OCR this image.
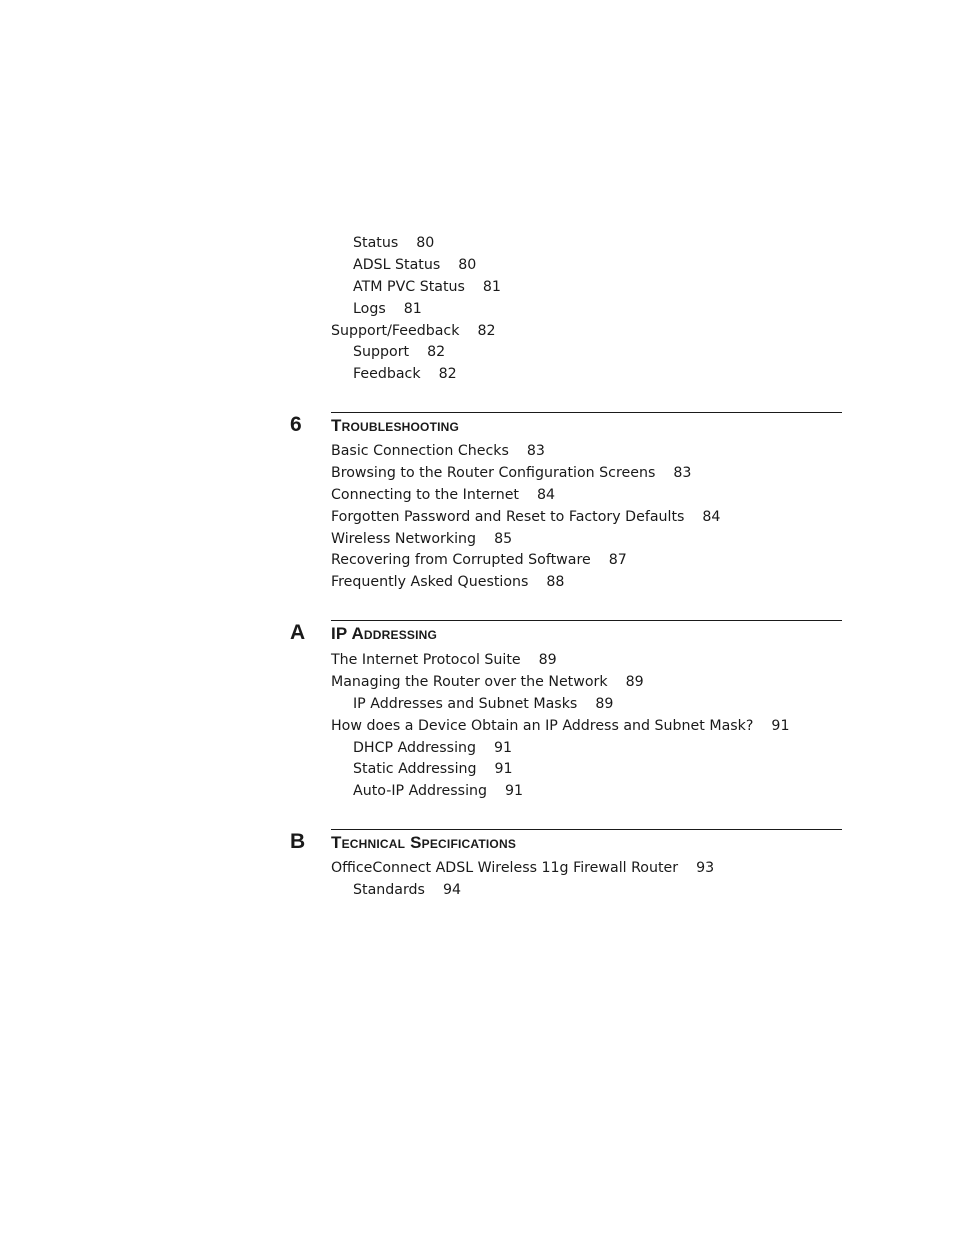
Status 80
ADSL Status 80
ATM PVC Status 81
Logs 81
Support/Feedback 82
Support 82
Feedback 82
6	Troubleshooting
Basic Connection Checks 83
Browsing to the Router Configuration Screens 83
Connecting to the Internet 84
Forgotten Password and Reset to Factory Defaults 84
Wireless Networking 85
Recovering from Corrupted Software 87
Frequently Asked Questions 88
A	IP Addressing
The Internet Protocol Suite 89
Managing the Router over the Network 89
IP Addresses and Subnet Masks 89
How does a Device Obtain an IP Address and Subnet Mask? 91
DHCP Addressing 91
Static Addressing 91
Auto-IP Addressing 91
B	Technical Specifications
OfficeConnect ADSL Wireless 11g Firewall Router 93
Standards 94
